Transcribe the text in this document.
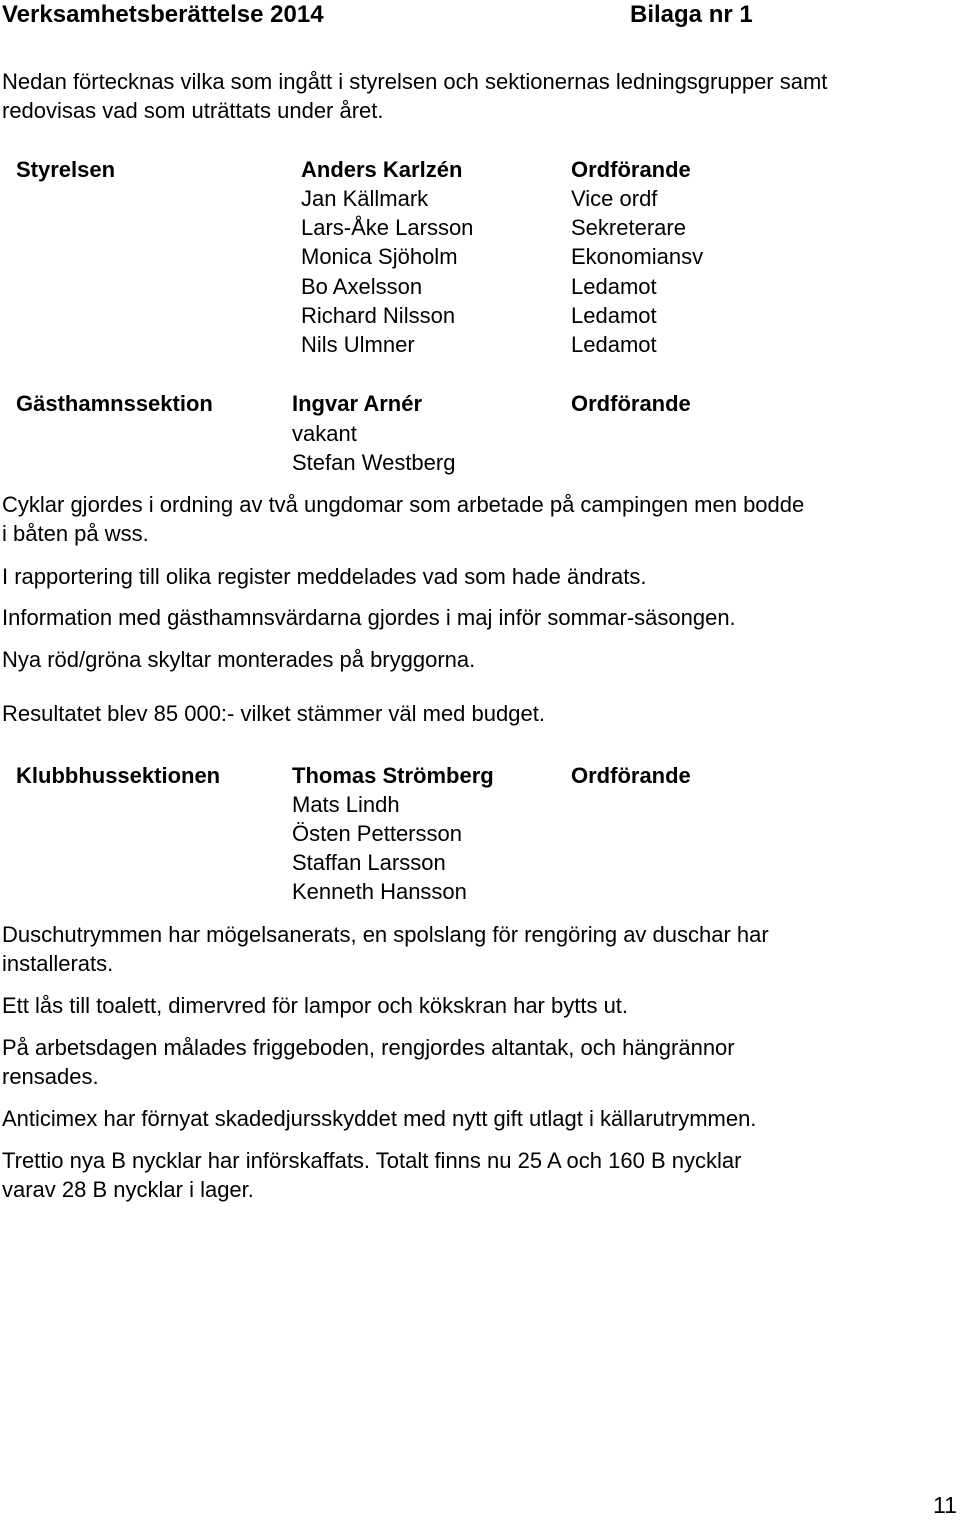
Verksamhetsberättelse 2014	Bilaga nr 1
Nedan förtecknas vilka som ingått i styrelsen och sektionernas ledningsgrupper samt
redovisas vad som uträttats under året.
Styrelsen	Anders Karlzén	Ordförande
Jan Källmark	Vice ordf
Lars-Åke Larsson	Sekreterare
Monica Sjöholm	Ekonomiansv
Bo Axelsson	Ledamot
Richard Nilsson	Ledamot
Nils Ulmner	Ledamot
Gästhamnssektion	Ingvar Arnér	Ordförande
vakant
Stefan Westberg
Cyklar gjordes i ordning av två ungdomar som arbetade på campingen men bodde
i båten på wss.
I rapportering till olika register meddelades vad som hade ändrats.
Information med gästhamnsvärdarna gjordes i maj inför sommar-säsongen.
Nya röd/gröna skyltar monterades på bryggorna.
Resultatet blev 85 000:- vilket stämmer väl med budget.
Klubbhussektionen	Thomas Strömberg	Ordförande
Mats Lindh
Östen Pettersson
Staffan Larsson
Kenneth Hansson
Duschutrymmen har mögelsanerats, en spolslang för rengöring av duschar har
installerats.
Ett lås till toalett, dimervred för lampor och kökskran har bytts ut.
På arbetsdagen målades friggeboden, rengjordes altantak, och hängrännor
rensades.
Anticimex har förnyat skadedjursskyddet med nytt gift utlagt i källarutrymmen.
Trettio nya B nycklar har införskaffats. Totalt finns nu 25 A och 160 B nycklar
varav 28 B nycklar i lager.
11
